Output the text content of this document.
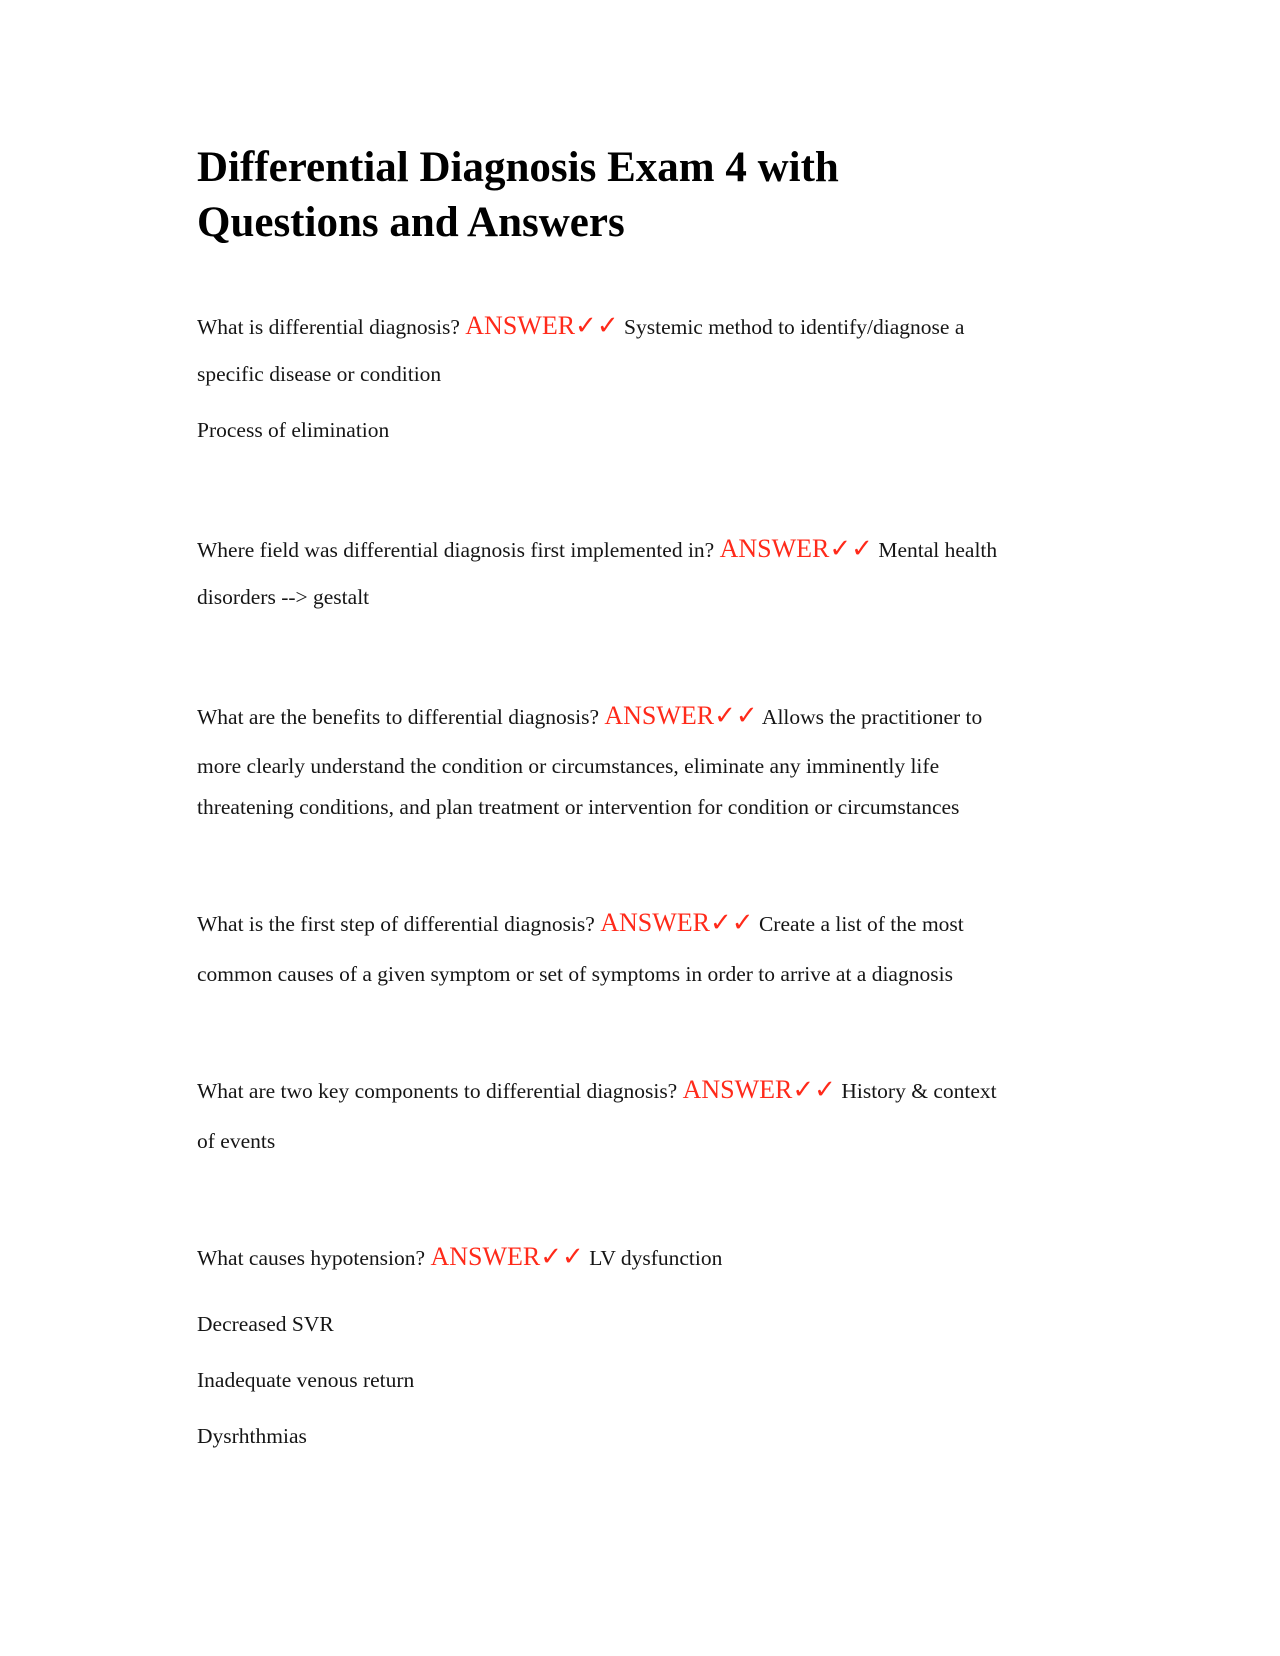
Differential Diagnosis Exam 4 with
Questions and Answers

What is differential diagnosis? ANSWER✓✓ Systemic method to identify/diagnose a

specific disease or condition

Process of elimination

Where field was differential diagnosis first implemented in? ANSWER✓✓ Mental health

disorders --> gestalt

What are the benefits to differential diagnosis? ANSWER✓✓ Allows the practitioner to

more clearly understand the condition or circumstances, eliminate any imminently life

threatening conditions, and plan treatment or intervention for condition or circumstances

What is the first step of differential diagnosis? ANSWER✓✓ Create a list of the most

common causes of a given symptom or set of symptoms in order to arrive at a diagnosis

What are two key components to differential diagnosis? ANSWER✓✓ History & context

of events

What causes hypotension? ANSWER✓✓ LV dysfunction

Decreased SVR

Inadequate venous return

Dysrhthmias
